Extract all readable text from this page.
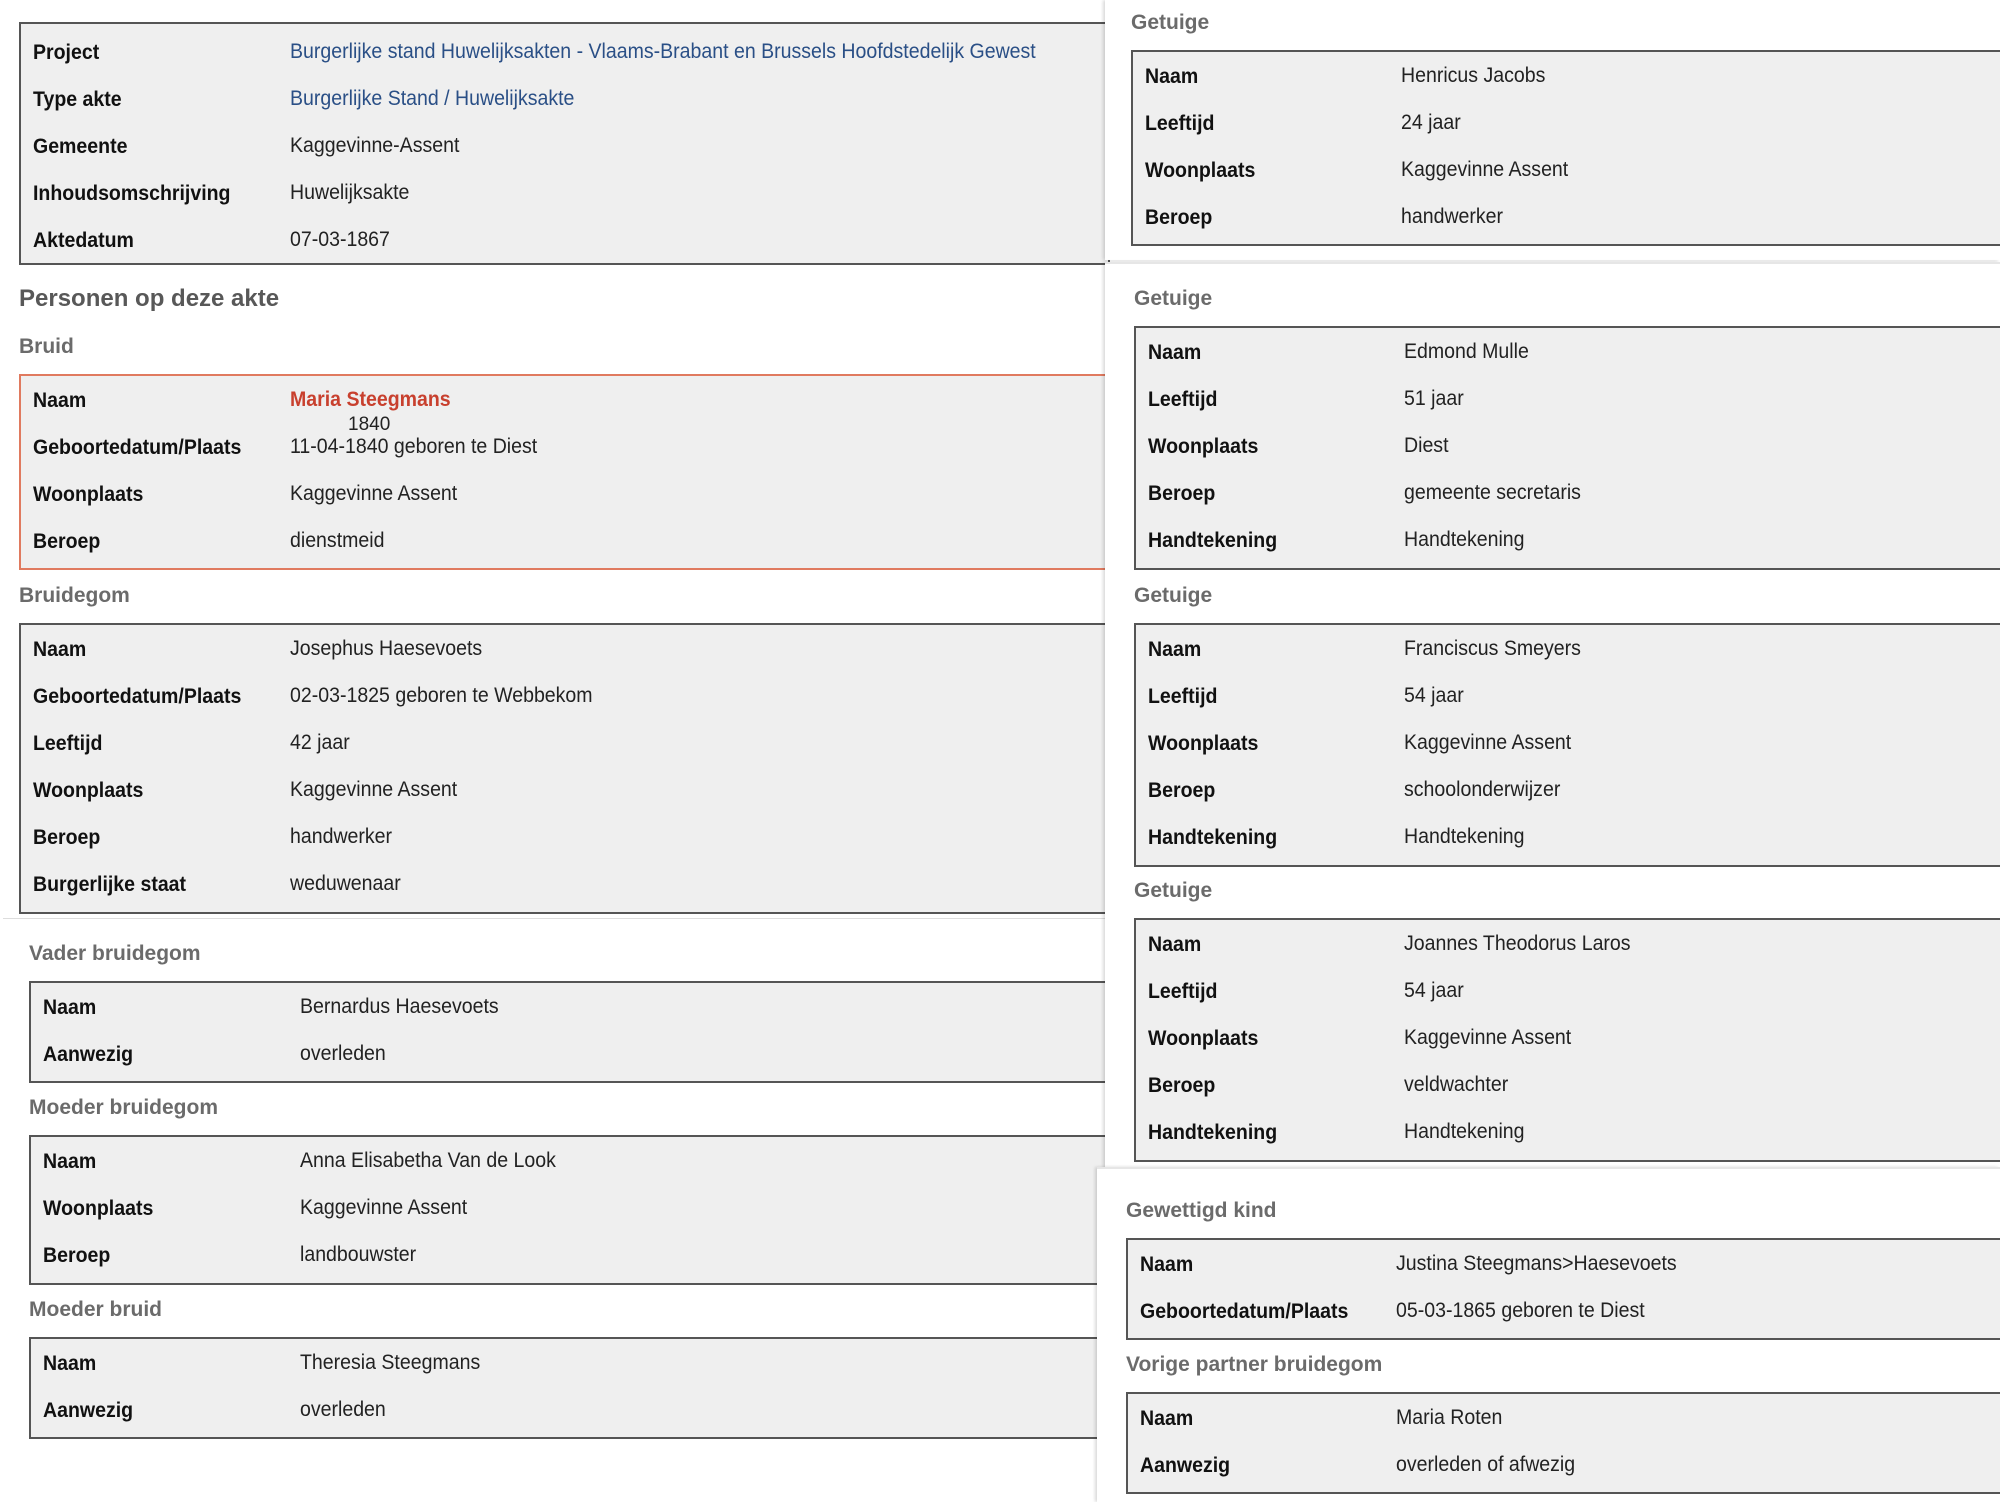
Project	Burgerlijke stand Huwelijksakten - Vlaams-Brabant en Brussels Hoofdstedelijk Gewest
Type akte	Burgerlijke Stand / Huwelijksakte
Gemeente	Kaggevinne-Assent
Inhoudsomschrijving	Huwelijksakte
Aktedatum	07-03-1867
Personen op deze akte
Bruid
Naam	Maria Steegmans
1840
Geboortedatum/Plaats 11-04-1840 geboren te Diest
Woonplaats	Kaggevinne Assent
Beroep	dienstmeid
Bruidegom
Naam	Josephus Haesevoets
Geboortedatum/Plaats 02-03-1825 geboren te Webbekom
Leeftijd	42 jaar
Woonplaats	Kaggevinne Assent
Beroep	handwerker
Burgerlijke staat	weduwenaar
Vader bruidegom
Naam	Bernardus Haesevoets
Aanwezig	overleden
Moeder bruidegom
Naam	Anna Elisabetha Van de Look
Woonplaats	Kaggevinne Assent
Beroep	landbouwster
Moeder bruid
Naam	Theresia Steegmans
Aanwezig	overleden
Getuige
Naam	Henricus Jacobs
Leeftijd	24 jaar
Woonplaats	Kaggevinne Assent
Beroep	handwerker
Getuige
Naam	Edmond Mulle
Leeftijd	51 jaar
Woonplaats	Diest
Beroep	gemeente secretaris
Handtekening	Handtekening
Getuige
Naam	Franciscus Smeyers
Leeftijd	54 jaar
Woonplaats	Kaggevinne Assent
Beroep	schoolonderwijzer
Handtekening	Handtekening
Getuige
Naam	Joannes Theodorus Laros
Leeftijd	54 jaar
Woonplaats	Kaggevinne Assent
Beroep	veldwachter
Handtekening	Handtekening
Gewettigd kind
Naam	Justina Steegmans>Haesevoets
Geboortedatum/Plaats 05-03-1865 geboren te Diest
Vorige partner bruidegom
Naam	Maria Roten
Aanwezig	overleden of afwezig
